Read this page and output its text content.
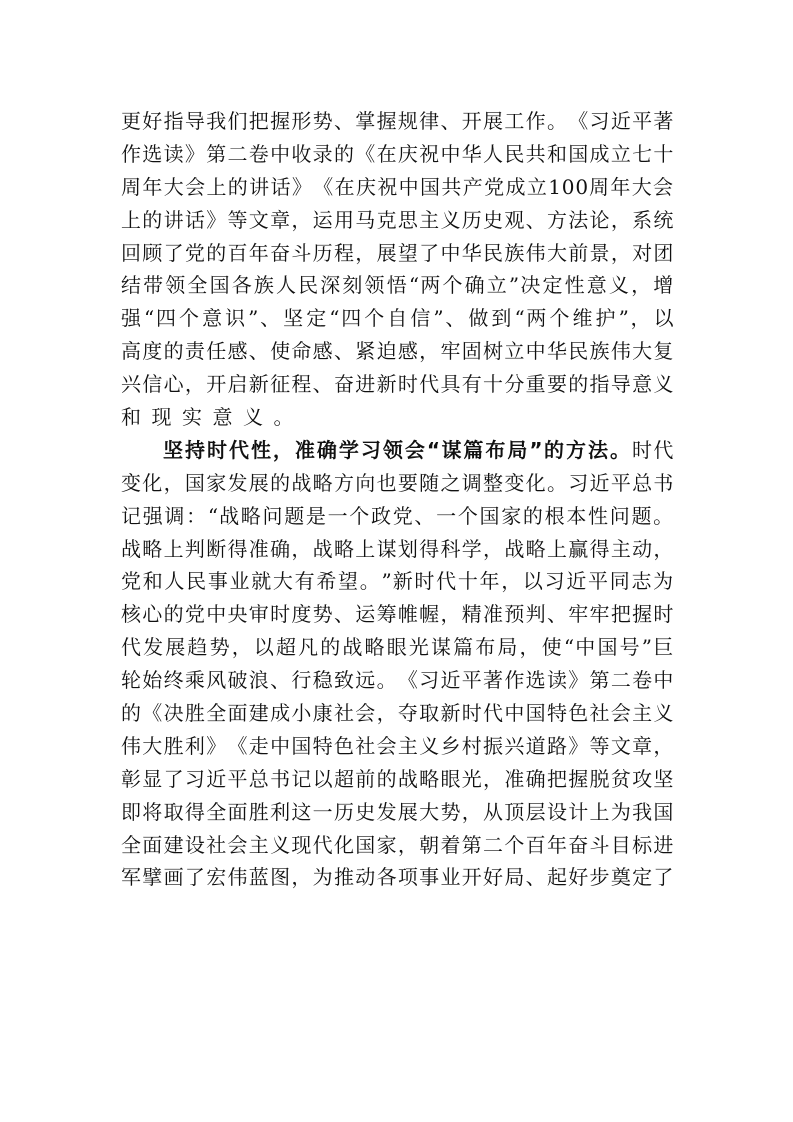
更 好 指 导 我 们 把 握 形 势 、 掌 握 规 律 、 开 展 工 作 。 《 习 近 平 著
作 选 读 》 第 二 卷 中 收 录 的 《 在 庆 祝 中 华 人 民 共 和 国 成 立 七 十
周 年 大 会 上 的 讲 话 》 《 在 庆 祝 中 国 共 产 党 成 立 1 0 0 周 年 大 会
上 的 讲 话 》 等 文 章 ， 运 用 马 克 思 主 义 历 史 观 、 方 法 论 ， 系 统
回 顾 了 党 的 百 年 奋 斗 历 程 ， 展 望 了 中 华 民 族 伟 大 前 景 ， 对 团
结 带 领 全 国 各 族 人 民 深 刻 领 悟 “ 两 个 确 立 ” 决 定 性 意 义 ， 增
强 “ 四 个 意 识 ” 、 坚 定 “ 四 个 自 信 ” 、 做 到 “ 两 个 维 护 ” ， 以
高 度 的 责 任 感 、 使 命 感 、 紧 迫 感 ， 牢 固 树 立 中 华 民 族 伟 大 复
兴 信 心 ， 开 启 新 征 程 、 奋 进 新 时 代 具 有 十 分 重 要 的 指 导 意 义
和现实意义。
坚 持 时 代 性 ， 准 确 学 习 领 会 “ 谋 篇 布 局 ” 的 方 法 。 时 代
变 化 ， 国 家 发 展 的 战 略 方 向 也 要 随 之 调 整 变 化 。 习 近 平 总 书
记 强 调 ： “ 战 略 问 题 是 一 个 政 党 、 一 个 国 家 的 根 本 性 问 题 。
战 略 上 判 断 得 准 确 ， 战 略 上 谋 划 得 科 学 ， 战 略 上 赢 得 主 动 ，
党 和 人 民 事 业 就 大 有 希 望 。 ” 新 时 代 十 年 ， 以 习 近 平 同 志 为
核 心 的 党 中 央 审 时 度 势 、 运 筹 帷 幄 ， 精 准 预 判 、 牢 牢 把 握 时
代 发 展 趋 势 ， 以 超 凡 的 战 略 眼 光 谋 篇 布 局 ， 使 “ 中 国 号 ” 巨
轮 始 终 乘 风 破 浪 、 行 稳 致 远 。 《 习 近 平 著 作 选 读 》 第 二 卷 中
的 《 决 胜 全 面 建 成 小 康 社 会 ， 夺 取 新 时 代 中 国 特 色 社 会 主 义
伟 大 胜 利 》 《 走 中 国 特 色 社 会 主 义 乡 村 振 兴 道 路 》 等 文 章 ，
彰 显 了 习 近 平 总 书 记 以 超 前 的 战 略 眼 光 ， 准 确 把 握 脱 贫 攻 坚
即 将 取 得 全 面 胜 利 这 一 历 史 发 展 大 势 ， 从 顶 层 设 计 上 为 我 国
全 面 建 设 社 会 主 义 现 代 化 国 家 ， 朝 着 第 二 个 百 年 奋 斗 目 标 进
军 擘 画 了 宏 伟 蓝 图 ， 为 推 动 各 项 事 业 开 好 局 、 起 好 步 奠 定 了
